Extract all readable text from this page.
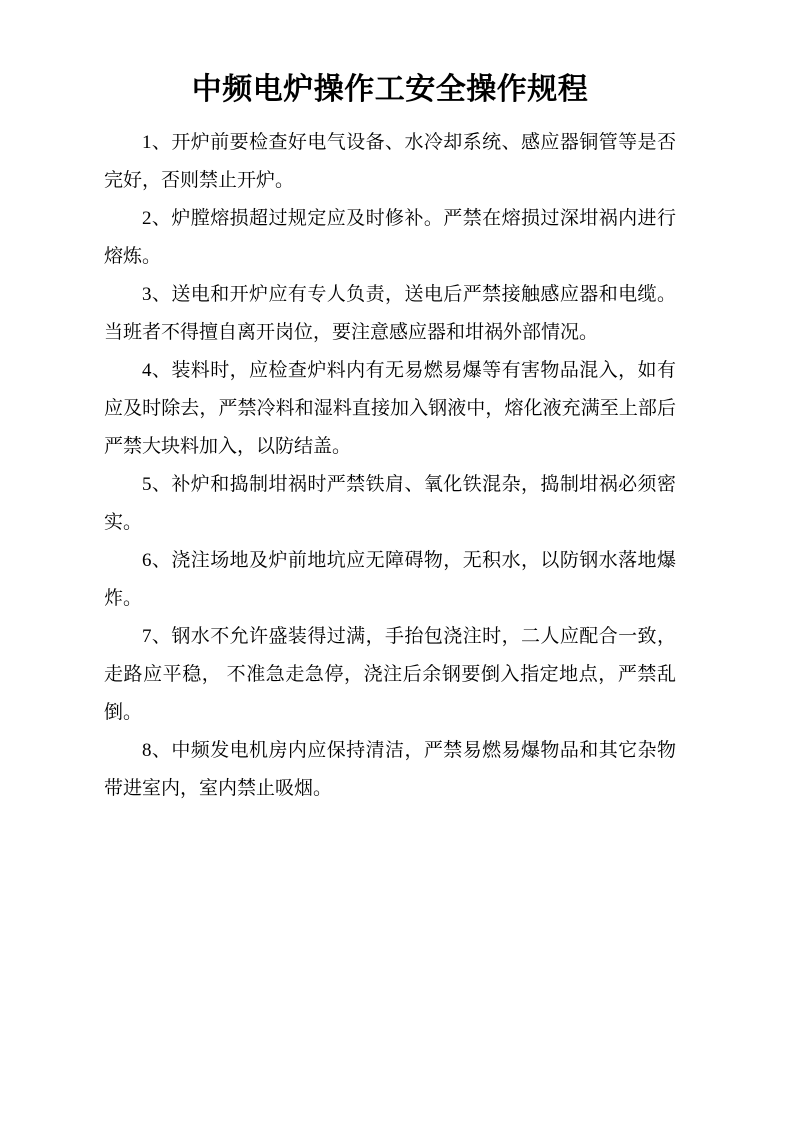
中频电炉操作工安全操作规程

1、开炉前要检查好电气设备、水冷却系统、感应器铜管等是否完好，否则禁止开炉。

2、炉膛熔损超过规定应及时修补。严禁在熔损过深坩祸内进行熔炼。

3、送电和开炉应有专人负责，送电后严禁接触感应器和电缆。当班者不得擅自离开岗位，要注意感应器和坩祸外部情况。

4、装料时，应检查炉料内有无易燃易爆等有害物品混入，如有应及时除去，严禁冷料和湿料直接加入钢液中，熔化液充满至上部后严禁大块料加入，以防结盖。

5、补炉和捣制坩祸时严禁铁肩、氧化铁混杂，捣制坩祸必须密实。

6、浇注场地及炉前地坑应无障碍物，无积水，以防钢水落地爆炸。

7、钢水不允许盛装得过满，手抬包浇注时，二人应配合一致，走路应平稳， 不准急走急停，浇注后余钢要倒入指定地点，严禁乱倒。

8、中频发电机房内应保持清洁，严禁易燃易爆物品和其它杂物带进室内，室内禁止吸烟。
